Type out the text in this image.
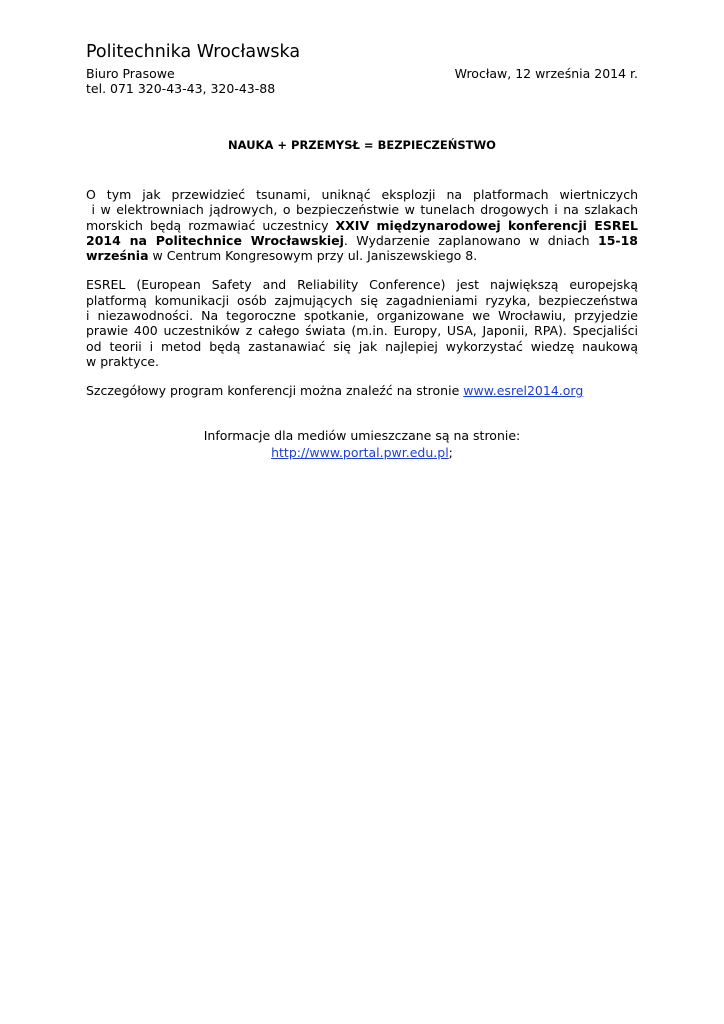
Politechnika Wrocławska
Biuro Prasowe	Wrocław, 12 września 2014 r.
tel. 071 320-43-43, 320-43-88
NAUKA + PRZEMYSŁ = BEZPIECZEŃSTWO
O tym jak przewidzieć tsunami, uniknąć eksplozji na platformach wiertniczych
i w elektrowniach jądrowych, o bezpieczeństwie w tunelach drogowych i na szlakach
morskich będą rozmawiać uczestnicy XXIV międzynarodowej konferencji ESREL
2014 na Politechnice Wrocławskiej. Wydarzenie zaplanowano w dniach 15-18
września w Centrum Kongresowym przy ul. Janiszewskiego 8.
ESREL (European Safety and Reliability Conference) jest największą europejską
platformą komunikacji osób zajmujących się zagadnieniami ryzyka, bezpieczeństwa
i niezawodności. Na tegoroczne spotkanie, organizowane we Wrocławiu, przyjedzie
prawie 400 uczestników z całego świata (m.in. Europy, USA, Japonii, RPA). Specjaliści
od teorii i metod będą zastanawiać się jak najlepiej wykorzystać wiedzę naukową
w praktyce.
Szczegółowy program konferencji można znaleźć na stronie www.esrel2014.org
Informacje dla mediów umieszczane są na stronie:
http://www.portal.pwr.edu.pl;
